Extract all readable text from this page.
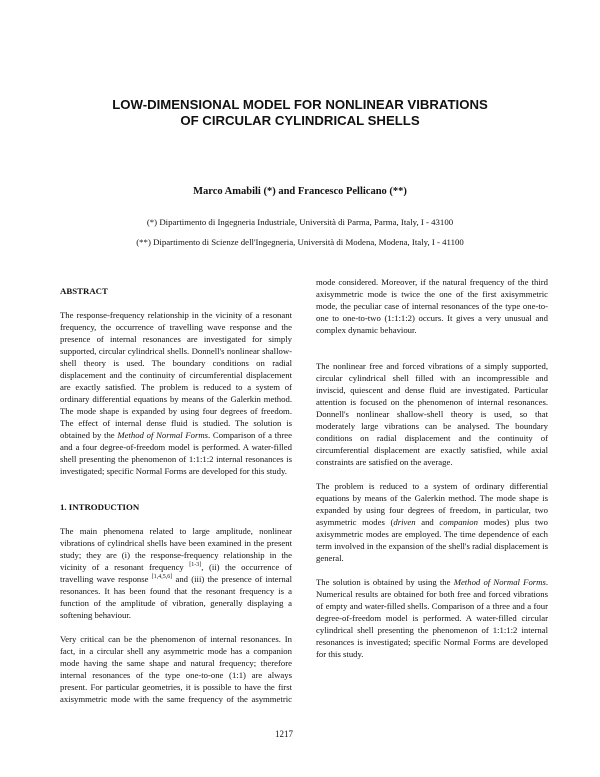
LOW-DIMENSIONAL MODEL FOR NONLINEAR VIBRATIONS
OF CIRCULAR CYLINDRICAL SHELLS
Marco Amabili (*) and Francesco Pellicano (**)
(*) Dipartimento di Ingegneria Industriale, Università di Parma, Parma, Italy, I - 43100
(**) Dipartimento di Scienze dell'Ingegneria, Università di Modena, Modena, Italy, I - 41100
ABSTRACT

The response-frequency relationship in the vicinity of a resonant frequency, the occurrence of travelling wave response and the presence of internal resonances are investigated for simply supported, circular cylindrical shells. Donnell's nonlinear shallow-shell theory is used. The boundary conditions on radial displacement and the continuity of circumferential displacement are exactly satisfied. The problem is reduced to a system of ordinary differential equations by means of the Galerkin method. The mode shape is expanded by using four degrees of freedom. The effect of internal dense fluid is studied. The solution is obtained by the Method of Normal Forms. Comparison of a three and a four degree-of-freedom model is performed. A water-filled shell presenting the phenomenon of 1:1:1:2 internal resonances is investigated; specific Normal Forms are developed for this study.

1. INTRODUCTION

The main phenomena related to large amplitude, nonlinear vibrations of cylindrical shells have been examined in the present study; they are (i) the response-frequency relationship in the vicinity of a resonant frequency [1-3], (ii) the occurrence of travelling wave response [1,4,5,6] and (iii) the presence of internal resonances. It has been found that the resonant frequency is a function of the amplitude of vibration, generally displaying a softening behaviour.

Very critical can be the phenomenon of internal resonances. In fact, in a circular shell any asymmetric mode has a companion mode having the same shape and natural frequency; therefore internal resonances of the type one-to-one (1:1) are always present. For particular geometries, it is possible to have the first axisymmetric mode with the same frequency of the asymmetric

mode considered. Moreover, if the natural frequency of the third axisymmetric mode is twice the one of the first axisymmetric mode, the peculiar case of internal resonances of the type one-to-one to one-to-two (1:1:1:2) occurs. It gives a very unusual and complex dynamic behaviour.

The nonlinear free and forced vibrations of a simply supported, circular cylindrical shell filled with an incompressible and inviscid, quiescent and dense fluid are investigated. Particular attention is focused on the phenomenon of internal resonances. Donnell's nonlinear shallow-shell theory is used, so that moderately large vibrations can be analysed. The boundary conditions on radial displacement and the continuity of circumferential displacement are exactly satisfied, while axial constraints are satisfied on the average.

The problem is reduced to a system of ordinary differential equations by means of the Galerkin method. The mode shape is expanded by using four degrees of freedom, in particular, two asymmetric modes (driven and companion modes) plus two axisymmetric modes are employed. The time dependence of each term involved in the expansion of the shell's radial displacement is general.

The solution is obtained by using the Method of Normal Forms. Numerical results are obtained for both free and forced vibrations of empty and water-filled shells. Comparison of a three and a four degree-of-freedom model is performed. A water-filled circular cylindrical shell presenting the phenomenon of 1:1:1:2 internal resonances is investigated; specific Normal Forms are developed for this study.

1217
